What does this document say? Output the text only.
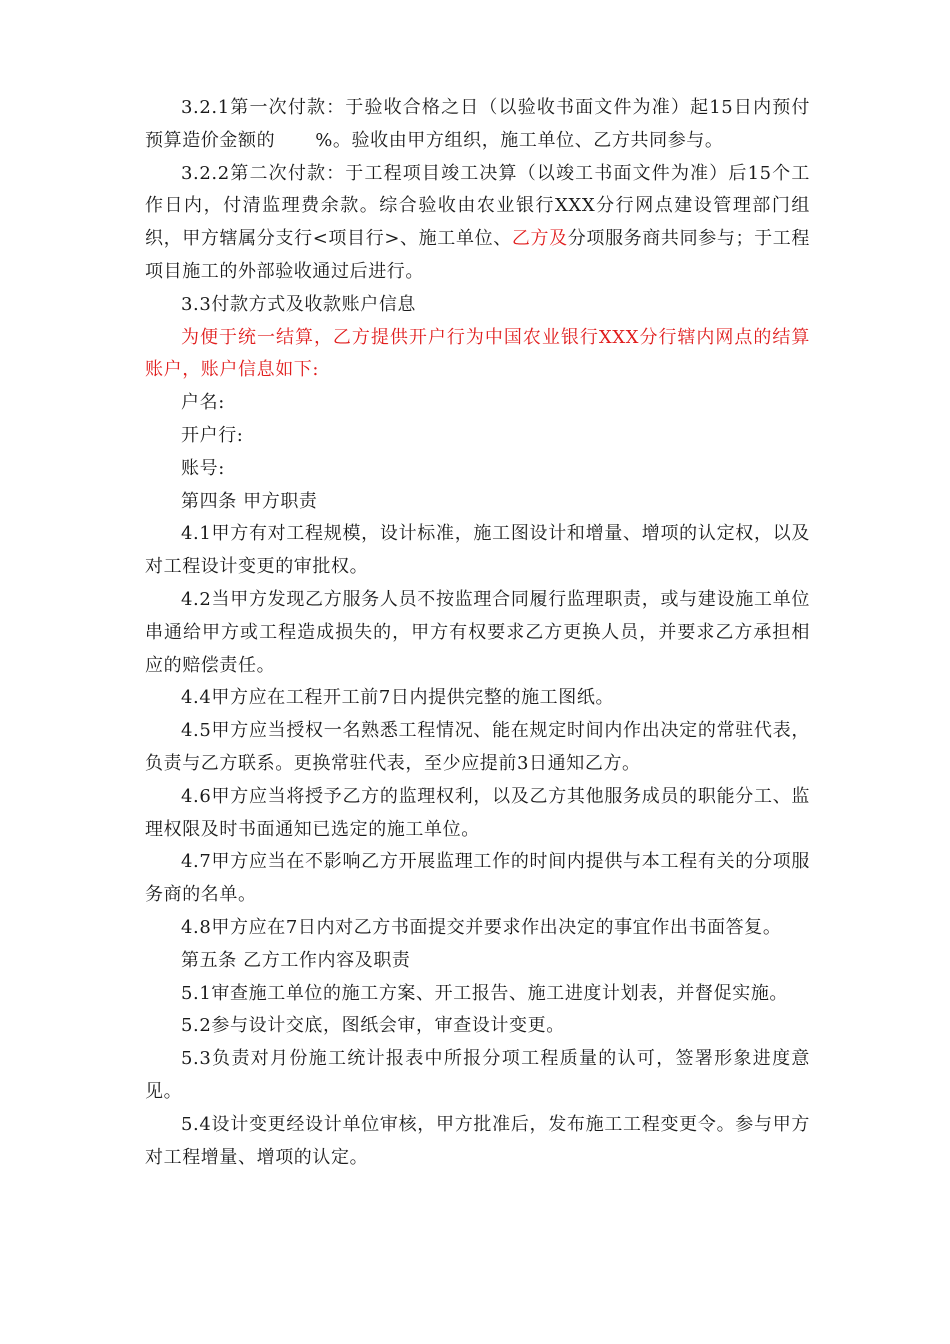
3.2.1第一次付款：于验收合格之日（以验收书面文件为准）起15日内预付预算造价金额的 %。验收由甲方组织，施工单位、乙方共同参与。

3.2.2第二次付款：于工程项目竣工决算（以竣工书面文件为准）后15个工作日内，付清监理费余款。综合验收由农业银行XXX分行网点建设管理部门组织，甲方辖属分支行<项目行>、施工单位、乙方及分项服务商共同参与；于工程项目施工的外部验收通过后进行。

3.3付款方式及收款账户信息

为便于统一结算，乙方提供开户行为中国农业银行XXX分行辖内网点的结算账户，账户信息如下:

户名:

开户行:

账号:

第四条 甲方职责

4.1甲方有对工程规模，设计标准，施工图设计和增量、增项的认定权，以及对工程设计变更的审批权。

4.2当甲方发现乙方服务人员不按监理合同履行监理职责，或与建设施工单位串通给甲方或工程造成损失的，甲方有权要求乙方更换人员，并要求乙方承担相应的赔偿责任。

4.4甲方应在工程开工前7日内提供完整的施工图纸。

4.5甲方应当授权一名熟悉工程情况、能在规定时间内作出决定的常驻代表，负责与乙方联系。更换常驻代表，至少应提前3日通知乙方。

4.6甲方应当将授予乙方的监理权利，以及乙方其他服务成员的职能分工、监理权限及时书面通知已选定的施工单位。

4.7甲方应当在不影响乙方开展监理工作的时间内提供与本工程有关的分项服务商的名单。

4.8甲方应在7日内对乙方书面提交并要求作出决定的事宜作出书面答复。

第五条 乙方工作内容及职责

5.1审查施工单位的施工方案、开工报告、施工进度计划表，并督促实施。

5.2参与设计交底，图纸会审，审查设计变更。

5.3负责对月份施工统计报表中所报分项工程质量的认可，签署形象进度意见。

5.4设计变更经设计单位审核，甲方批准后，发布施工工程变更令。参与甲方对工程增量、增项的认定。
